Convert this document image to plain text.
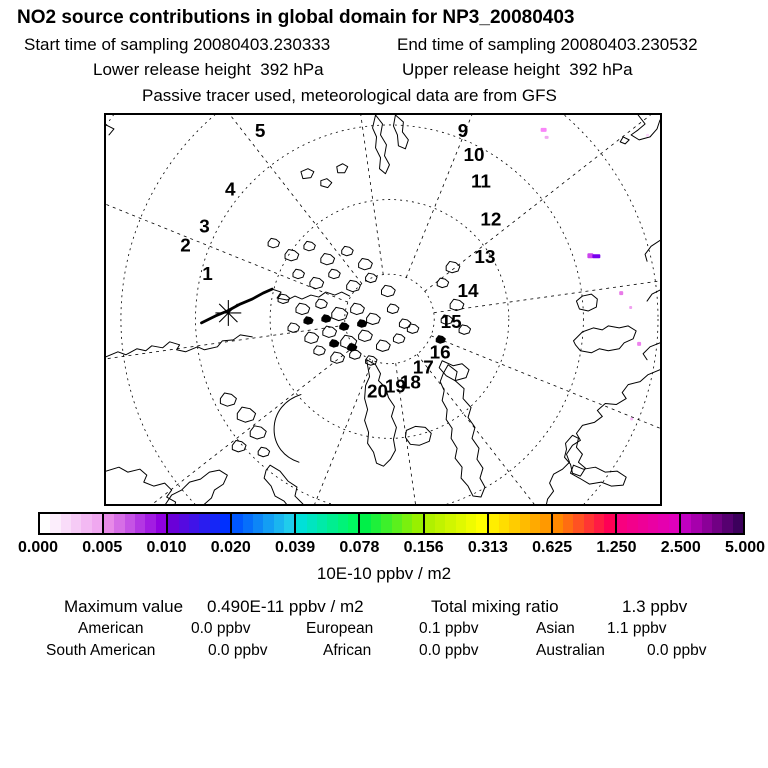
NO2 source contributions in global domain for NP3_20080403
Start time of sampling 20080403.230333	End time of sampling 20080403.230532
Lower release height  392 hPa	Upper release height  392 hPa
Passive tracer used, meteorological data are from GFS
1
2
3
4
5	9
10
11
12
13
14
15
16
17
18
19
20
0.000 0.005 0.010 0.020 0.039 0.078 0.156 0.313 0.625 1.250 2.500 5.000
10E-10 ppbv / m2
Maximum value 0.490E-11 ppbv / m2	Total mixing ratio	1.3 ppbv
American	0.0 ppbv	European	0.1 ppbv	Asian 1.1 ppbv
South American	0.0 ppbv	African	0.0 ppbv	Australian	0.0 ppbv
